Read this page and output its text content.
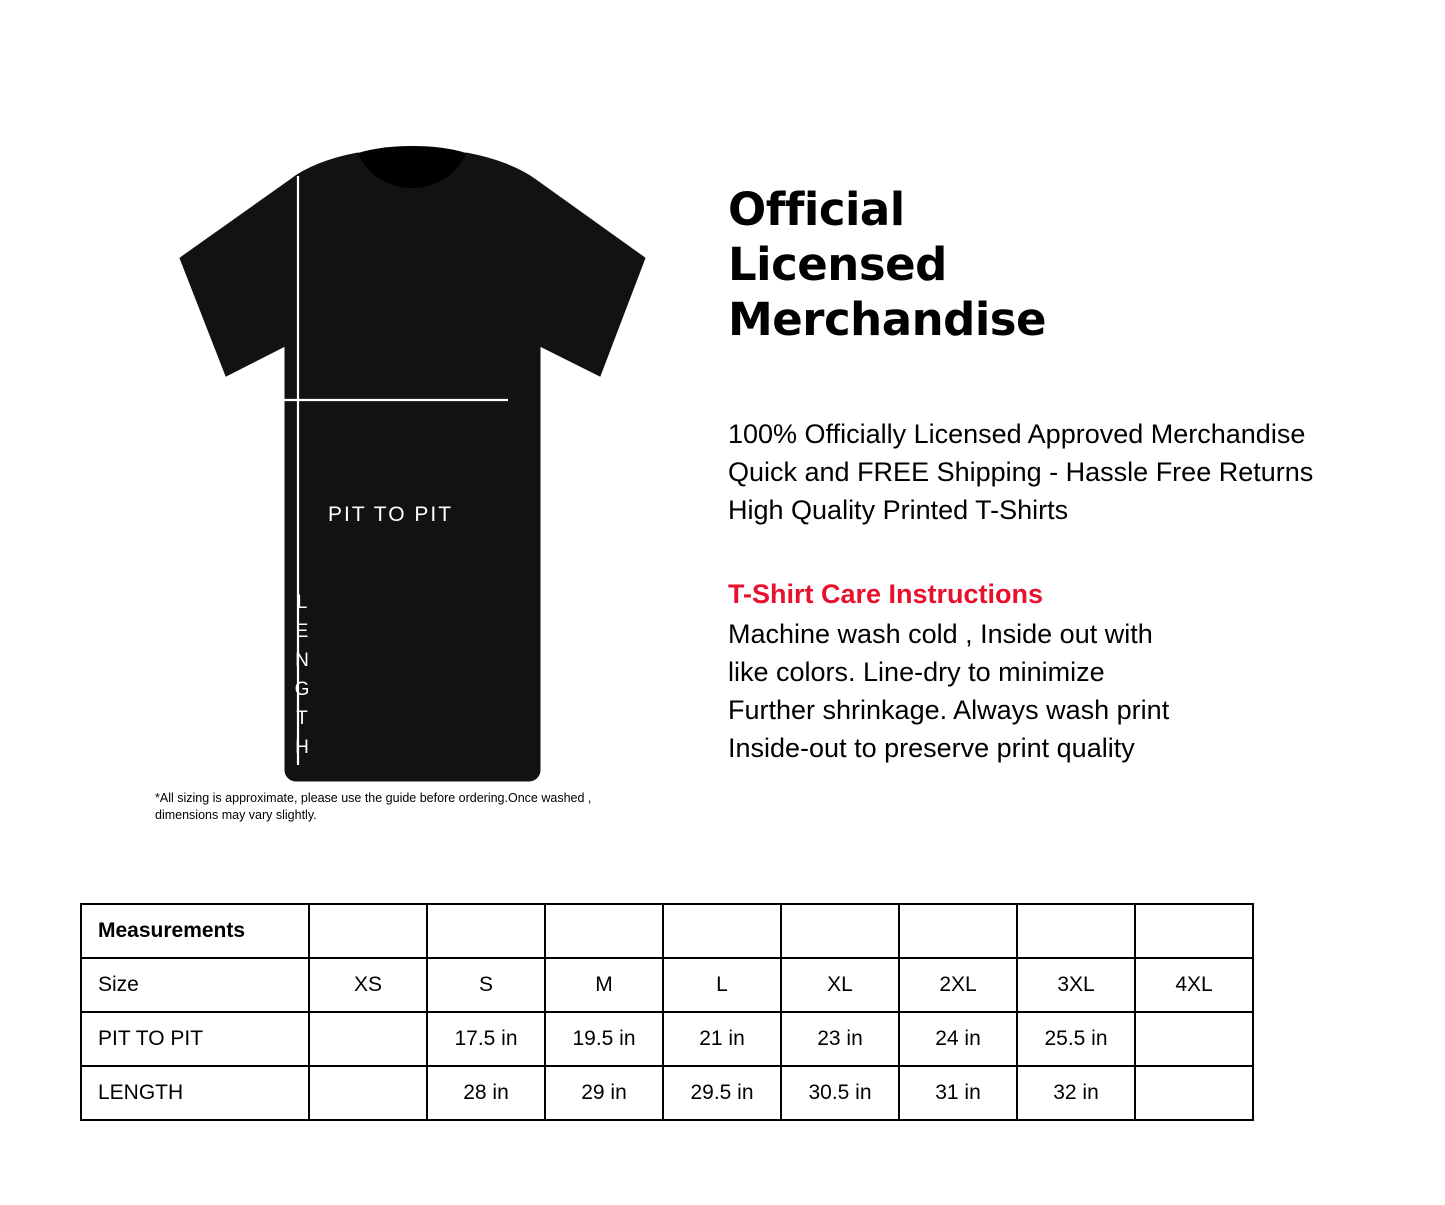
PIT TO PIT
L
E
N
G
T
H
*All sizing is approximate, please use the guide before ordering.Once washed , dimensions may vary slightly.
Official
Licensed
Merchandise
100% Officially Licensed Approved Merchandise
Quick and FREE Shipping - Hassle Free Returns
High Quality Printed T-Shirts
T-Shirt Care Instructions
Machine wash cold , Inside out with
like colors. Line-dry to minimize
Further shrinkage. Always wash print
Inside-out to preserve print quality
Measurements								
Size	XS	S	M	L	XL	2XL	3XL	4XL
PIT TO PIT		17.5 in	19.5 in	21 in	23 in	24 in	25.5 in	
LENGTH		28 in	29 in	29.5 in	30.5 in	31 in	32 in	
